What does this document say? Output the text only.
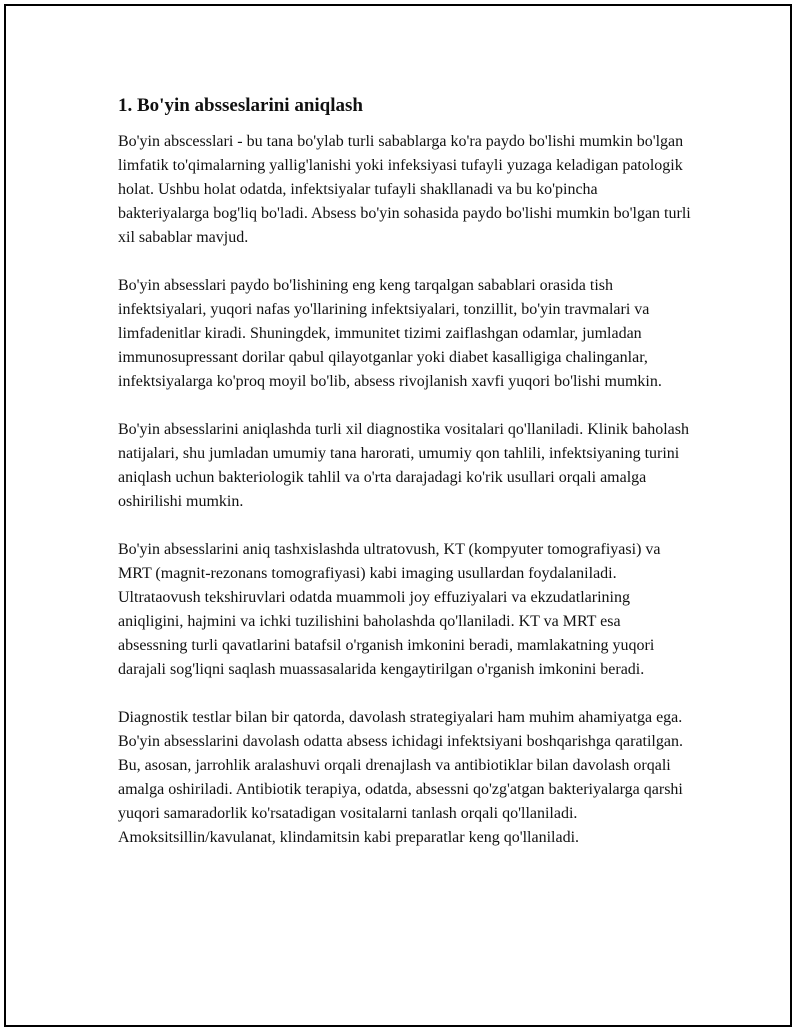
1. Bo'yin absseslarini aniqlash

Bo'yin abscesslari - bu tana bo'ylab turli sabablarga ko'ra paydo bo'lishi mumkin bo'lgan limfatik to'qimalarning yallig'lanishi yoki infeksiyasi tufayli yuzaga keladigan patologik holat. Ushbu holat odatda, infektsiyalar tufayli shakllanadi va bu ko'pincha bakteriyalarga bog'liq bo'ladi. Absess bo'yin sohasida paydo bo'lishi mumkin bo'lgan turli xil sabablar mavjud.

Bo'yin absesslari paydo bo'lishining eng keng tarqalgan sabablari orasida tish infektsiyalari, yuqori nafas yo'llarining infektsiyalari, tonzillit, bo'yin travmalari va limfadenitlar kiradi. Shuningdek, immunitet tizimi zaiflashgan odamlar, jumladan immunosupressant dorilar qabul qilayotganlar yoki diabet kasalligiga chalinganlar, infektsiyalarga ko'proq moyil bo'lib, absess rivojlanish xavfi yuqori bo'lishi mumkin.

Bo'yin absesslarini aniqlashda turli xil diagnostika vositalari qo'llaniladi. Klinik baholash natijalari, shu jumladan umumiy tana harorati, umumiy qon tahlili, infektsiyaning turini aniqlash uchun bakteriologik tahlil va o'rta darajadagi ko'rik usullari orqali amalga oshirilishi mumkin.

Bo'yin absesslarini aniq tashxislashda ultratovush, KT (kompyuter tomografiyasi) va MRT (magnit-rezonans tomografiyasi) kabi imaging usullardan foydalaniladi. Ultrataovush tekshiruvlari odatda muammoli joy effuziyalari va ekzudatlarining aniqligini, hajmini va ichki tuzilishini baholashda qo'llaniladi. KT va MRT esa absessning turli qavatlarini batafsil o'rganish imkonini beradi, mamlakatning yuqori darajali sog'liqni saqlash muassasalarida kengaytirilgan o'rganish imkonini beradi.

Diagnostik testlar bilan bir qatorda, davolash strategiyalari ham muhim ahamiyatga ega. Bo'yin absesslarini davolash odatta absess ichidagi infektsiyani boshqarishga qaratilgan. Bu, asosan, jarrohlik aralashuvi orqali drenajlash va antibiotiklar bilan davolash orqali amalga oshiriladi. Antibiotik terapiya, odatda, absessni qo'zg'atgan bakteriyalarga qarshi yuqori samaradorlik ko'rsatadigan vositalarni tanlash orqali qo'llaniladi. Amoksitsillin/kavulanat, klindamitsin kabi preparatlar keng qo'llaniladi.
